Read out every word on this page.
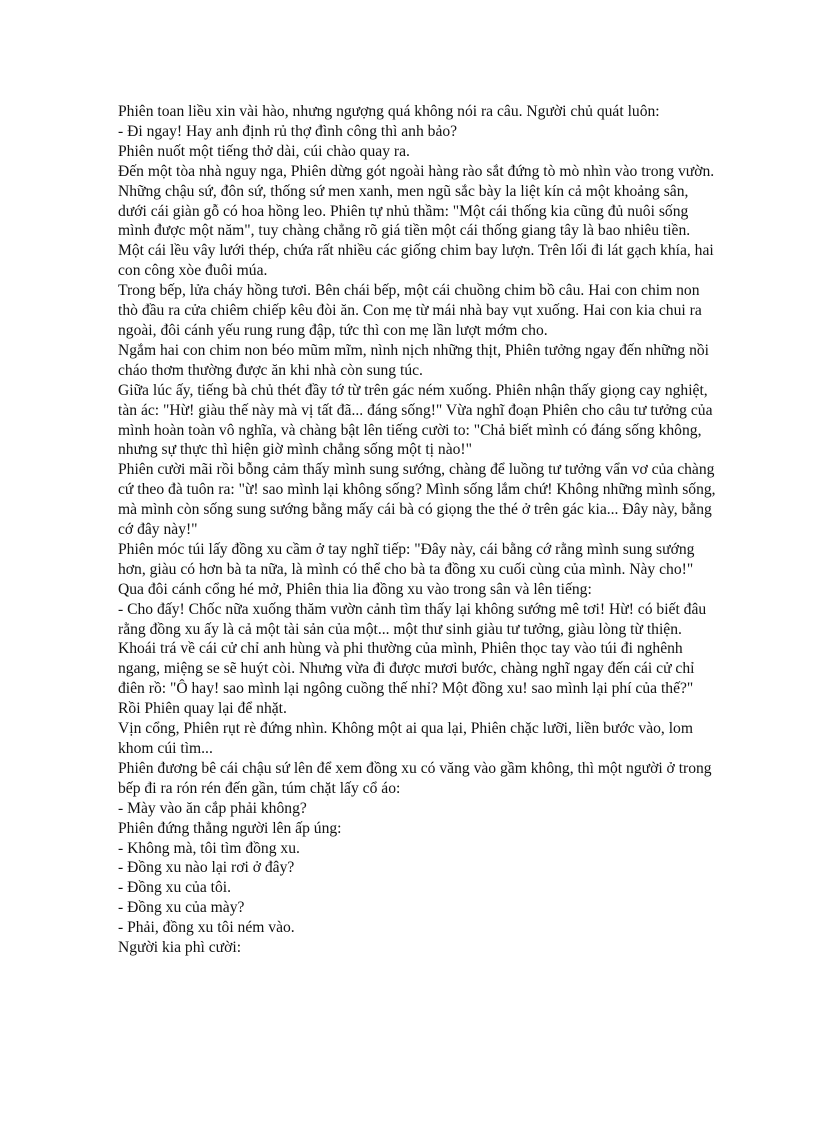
Phiên toan liều xin vài hào, nhưng ngượng quá không nói ra câu. Người chủ quát luôn:

- Đi ngay! Hay anh định rủ thợ đình công thì anh bảo?

Phiên nuốt một tiếng thở dài, cúi chào quay ra.

Đến một tòa nhà nguy nga, Phiên dừng gót ngoài hàng rào sắt đứng tò mò nhìn vào trong vườn. Những chậu sứ, đôn sứ, thống sứ men xanh, men ngũ sắc bày la liệt kín cả một khoảng sân, dưới cái giàn gỗ có hoa hồng leo. Phiên tự nhủ thầm: "Một cái thống kia cũng đủ nuôi sống mình được một năm", tuy chàng chẳng rõ giá tiền một cái thống giang tây là bao nhiêu tiền.

Một cái lều vây lưới thép, chứa rất nhiều các giống chim bay lượn. Trên lối đi lát gạch khía, hai con công xòe đuôi múa.

Trong bếp, lửa cháy hồng tươi. Bên chái bếp, một cái chuồng chim bồ câu. Hai con chim non thò đầu ra cửa chiêm chiếp kêu đòi ăn. Con mẹ từ mái nhà bay vụt xuống. Hai con kia chui ra ngoài, đôi cánh yếu rung rung đập, tức thì con mẹ lần lượt mớm cho.

Ngắm hai con chim non béo mũm mĩm, nình nịch những thịt, Phiên tưởng ngay đến những nồi cháo thơm thường được ăn khi nhà còn sung túc.

Giữa lúc ấy, tiếng bà chủ thét đầy tớ từ trên gác ném xuống. Phiên nhận thấy giọng cay nghiệt, tàn ác: "Hừ! giàu thế này mà vị tất đã... đáng sống!" Vừa nghĩ đoạn Phiên cho câu tư tưởng của mình hoàn toàn vô nghĩa, và chàng bật lên tiếng cười to: "Chả biết mình có đáng sống không, nhưng sự thực thì hiện giờ mình chẳng sống một tị nào!"

Phiên cười mãi rồi bỗng cảm thấy mình sung sướng, chàng để luồng tư tưởng vẩn vơ của chàng cứ theo đà tuôn ra: "ừ! sao mình lại không sống? Mình sống lắm chứ! Không những mình sống, mà mình còn sống sung sướng bằng mấy cái bà có giọng the thé ở trên gác kia... Đây này, bằng cớ đây này!"

Phiên móc túi lấy đồng xu cầm ở tay nghĩ tiếp: "Đây này, cái bằng cớ rằng mình sung sướng hơn, giàu có hơn bà ta nữa, là mình có thể cho bà ta đồng xu cuối cùng của mình. Này cho!"

Qua đôi cánh cổng hé mở, Phiên thia lia đồng xu vào trong sân và lên tiếng:

- Cho đấy! Chốc nữa xuống thăm vườn cảnh tìm thấy lại không sướng mê tơi! Hừ! có biết đâu rằng đồng xu ấy là cả một tài sản của một... một thư sinh giàu tư tưởng, giàu lòng từ thiện.

Khoái trá về cái cử chỉ anh hùng và phi thường của mình, Phiên thọc tay vào túi đi nghênh ngang, miệng se sẽ huýt còi. Nhưng vừa đi được mươi bước, chàng nghĩ ngay đến cái cử chỉ điên rồ: "Ô hay! sao mình lại ngông cuồng thế nhỉ? Một đồng xu! sao mình lại phí của thế?" Rồi Phiên quay lại để nhặt.

Vịn cổng, Phiên rụt rè đứng nhìn. Không một ai qua lại, Phiên chặc lưỡi, liền bước vào, lom khom cúi tìm...

Phiên đương bê cái chậu sứ lên để xem đồng xu có văng vào gầm không, thì một người ở trong bếp đi ra rón rén đến gần, túm chặt lấy cổ áo:

- Mày vào ăn cắp phải không?

Phiên đứng thẳng người lên ấp úng:

- Không mà, tôi tìm đồng xu.

- Đồng xu nào lại rơi ở đây?

- Đồng xu của tôi.

- Đồng xu của mày?

- Phải, đồng xu tôi ném vào.

Người kia phì cười:
